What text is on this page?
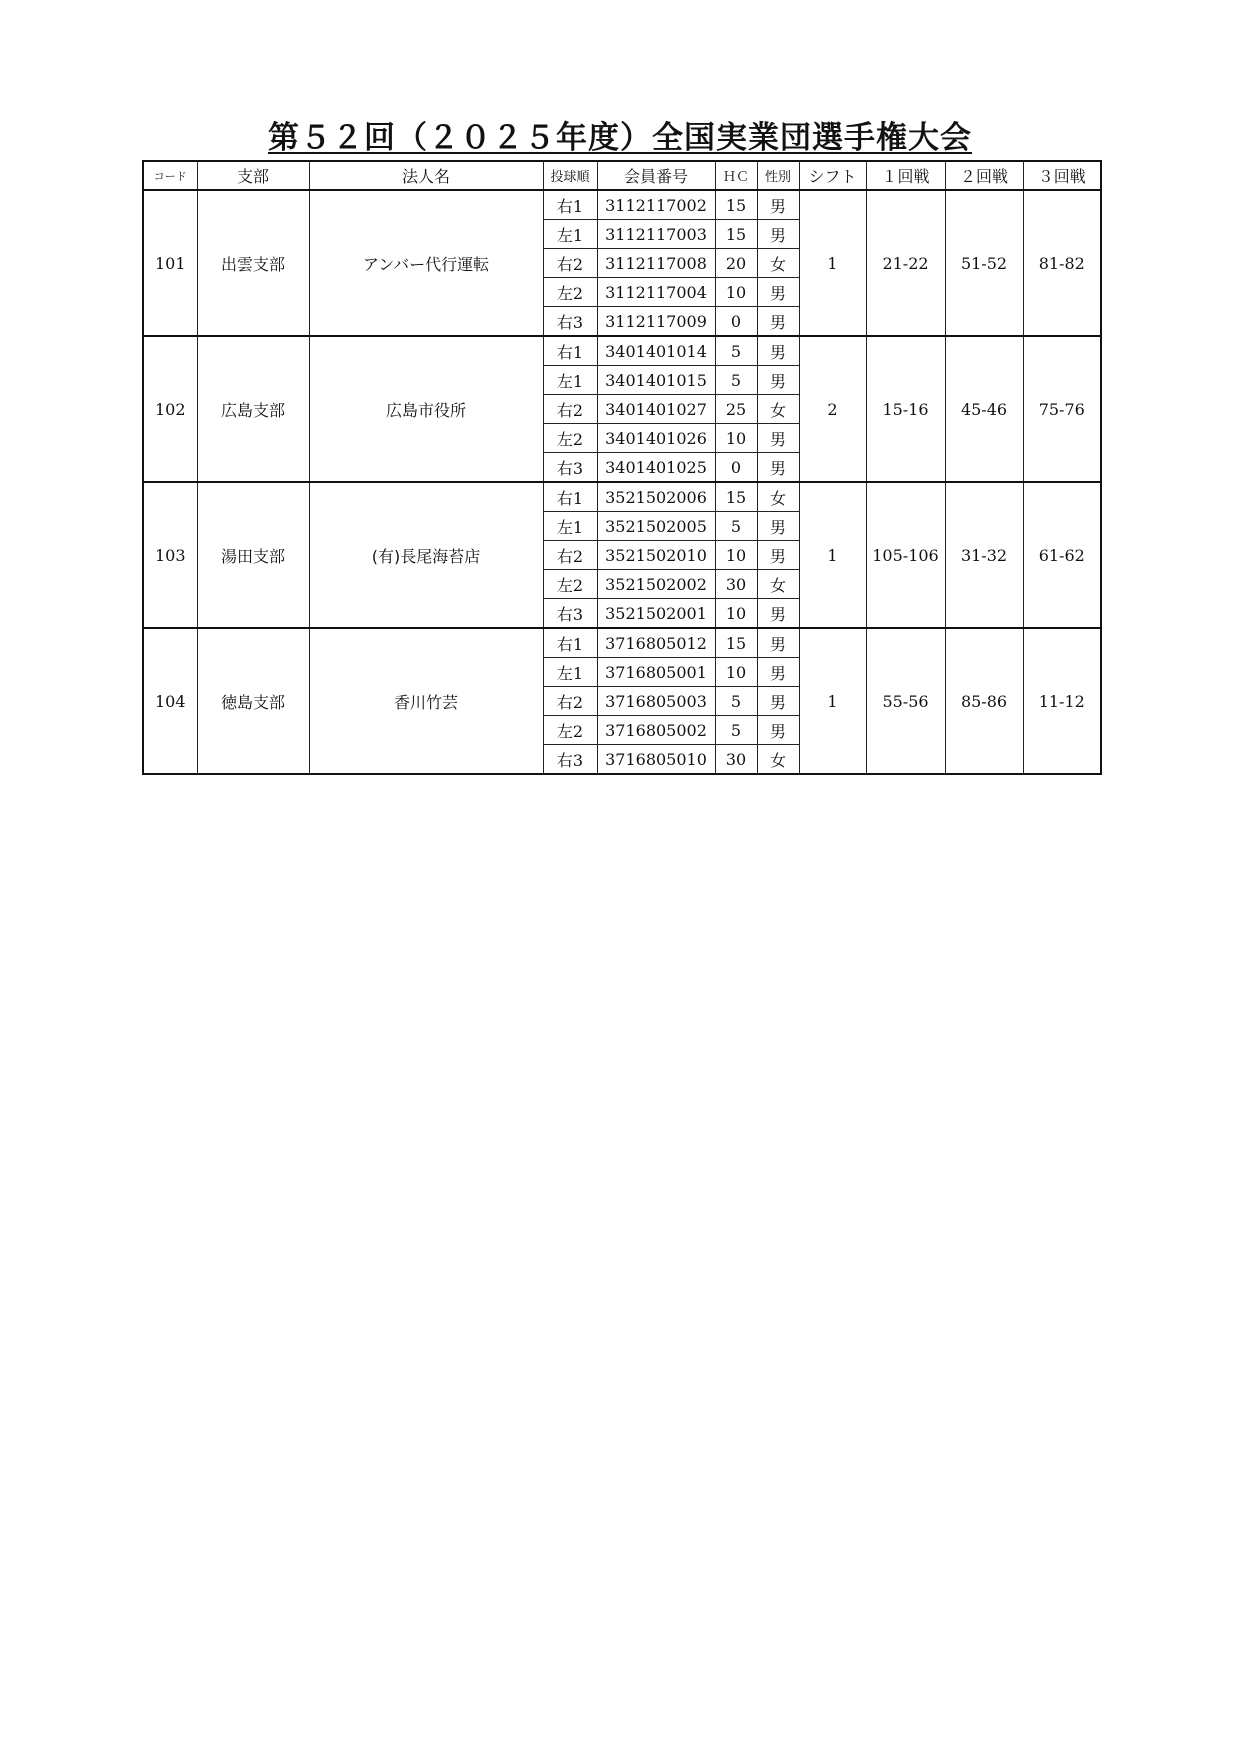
第５２回（２０２５年度）全国実業団選手権大会
コード	支部	法人名	投球順	会員番号	ＨＣ	性別	シフト	１回戦	２回戦	３回戦
101	出雲支部	アンバー代行運転	右1	3112117002	15	男	1	21-22	51-52	81-82
			左1	3112117003	15	男				
			右2	3112117008	20	女				
			左2	3112117004	10	男				
			右3	3112117009	0	男				
102	広島支部	広島市役所	右1	3401401014	5	男	2	15-16	45-46	75-76
			左1	3401401015	5	男				
			右2	3401401027	25	女				
			左2	3401401026	10	男				
			右3	3401401025	0	男				
103	湯田支部	(有)長尾海苔店	右1	3521502006	15	女	1	105-106	31-32	61-62
			左1	3521502005	5	男				
			右2	3521502010	10	男				
			左2	3521502002	30	女				
			右3	3521502001	10	男				
104	徳島支部	香川竹芸	右1	3716805012	15	男	1	55-56	85-86	11-12
			左1	3716805001	10	男				
			右2	3716805003	5	男				
			左2	3716805002	5	男				
			右3	3716805010	30	女				
